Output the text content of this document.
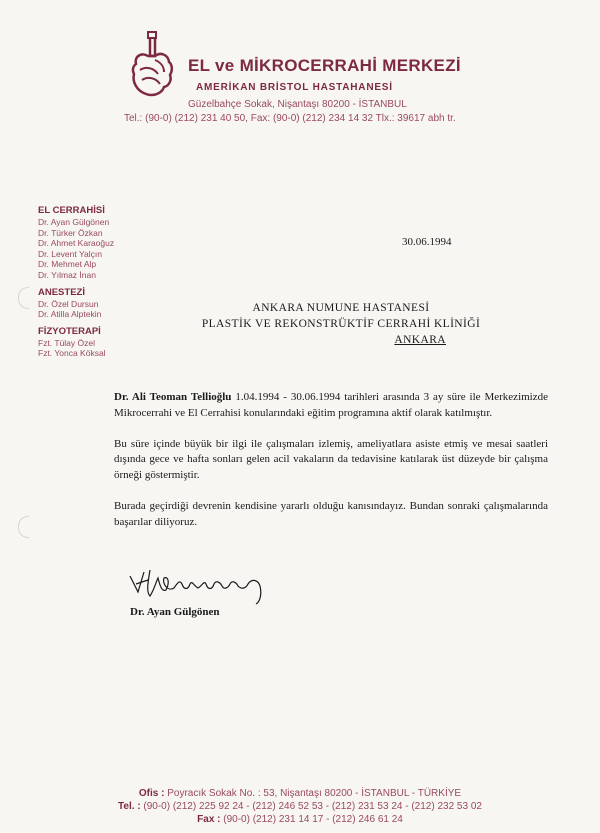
EL ve MİKROCERRAHİ MERKEZİ
AMERİKAN BRİSTOL HASTAHANESİ
Güzelbahçe Sokak, Nişantaşı 80200 - İSTANBUL
Tel.: (90-0) (212) 231 40 50, Fax: (90-0) (212) 234 14 32 Tlx.: 39617 abh tr.
EL CERRAHİSİ
Dr. Ayan Gülgönen
Dr. Türker Özkan
Dr. Ahmet Karaoğuz
Dr. Levent Yalçın
Dr. Mehmet Alp
Dr. Yılmaz İnan
ANESTEZİ
Dr. Özel Dursun
Dr. Atilla Alptekin
FİZYOTERAPİ
Fzt. Tülay Özel
Fzt. Yonca Köksal
30.06.1994
ANKARA NUMUNE HASTANESİ
PLASTİK VE REKONSTRÜKTİF CERRAHİ KLİNİĞİ
ANKARA

Dr. Ali Teoman Tellioğlu 1.04.1994 - 30.06.1994 tarihleri arasında 3 ay süre ile Merkezimizde Mikrocerrahi ve El Cerrahisi konularındaki eğitim programına aktif olarak katılmıştır.

Bu süre içinde büyük bir ilgi ile çalışmaları izlemiş, ameliyatlara asiste etmiş ve mesai saatleri dışında gece ve hafta sonları gelen acil vakaların da tedavisine katılarak üst düzeyde bir çalışma örneği göstermiştir.

Burada geçirdiği devrenin kendisine yararlı olduğu kanısındayız. Bundan sonraki çalışmalarında başarılar diliyoruz.

Dr. Ayan Gülgönen
Ofis : Poyracık Sokak No. : 53, Nişantaşı 80200 - İSTANBUL - TÜRKİYE
Tel. : (90-0) (212) 225 92 24 - (212) 246 52 53 - (212) 231 53 24 - (212) 232 53 02
Fax : (90-0) (212) 231 14 17 - (212) 246 61 24
